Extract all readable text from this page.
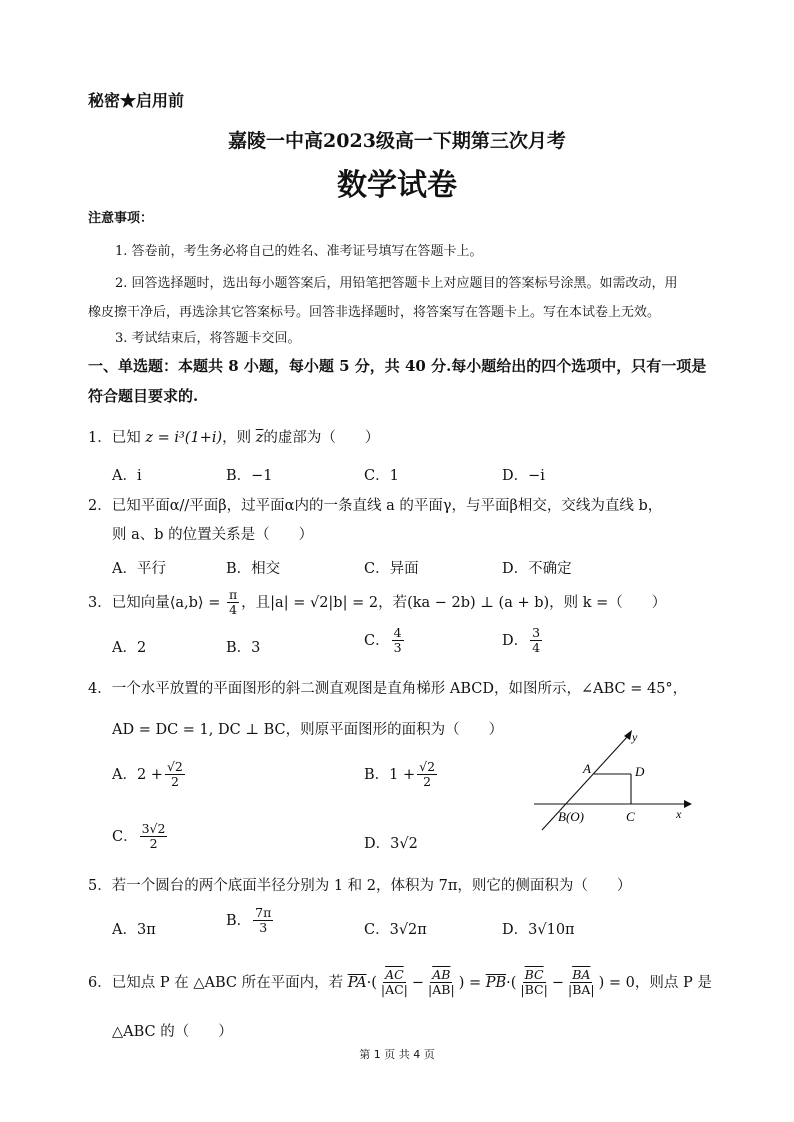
秘密★启用前
嘉陵一中高2023级高一下期第三次月考
数学试卷
注意事项：
1. 答卷前，考生务必将自己的姓名、准考证号填写在答题卡上。
2. 回答选择题时，选出每小题答案后，用铅笔把答题卡上对应题目的答案标号涂黑。如需改动，用
橡皮擦干净后，再选涂其它答案标号。回答非选择题时，将答案写在答题卡上。写在本试卷上无效。
3. 考试结束后，将答题卡交回。
一、单选题：本题共 8 小题，每小题 5 分，共 40 分.每小题给出的四个选项中，只有一项是
符合题目要求的.
1．已知 z = i³(1+i)，则 $\overline{z}$的虚部为（　　）
A．i	B．−1	C．1	D．−i
2．已知平面α//平面β，过平面α内的一条直线 a 的平面γ，与平面β相交，交线为直线 b，
则 a、b 的位置关系是（　　）
A．平行	B．相交	C．异面	D．不确定
3．已知向量⟨a,b⟩ = $\frac{\pi}{4}$ ，且|a| = √2|b| = 2，若(ka − 2b) ⊥ (a + b)，则 k =（　　）
A．2	B．3	C． $\frac{4}{3}$	D． $\frac{3}{4}$
4．一个水平放置的平面图形的斜二测直观图是直角梯形 ABCD，如图所示，∠ABC = 45°，
AD = DC = 1, DC ⊥ BC，则原平面图形的面积为（　　）
A．$2 + \frac{√2}{2}$	B．$1 + \frac{√2}{2}$
C． $\frac{3√2}{2}$	D．3√2
y
x
A	D
B(O)	C
5．若一个圆台的两个底面半径分别为 1 和 2，体积为 7π，则它的侧面积为（　　）
A．3π
B． $\frac{7\pi}{3}$	C．3√2π	D．3√10π
6．已知点 P 在 △ABC 所在平面内，若 $\overline{PA}\cdot( \frac{\overline{AC}}{|AC|} - \frac{\overline{AB}}{|AB|}$ ) = $\overline{PB}\cdot( \frac{\overline{BC}}{|BC|} - \frac{\overline{BA}}{|BA|}$ ) = 0，则点 P 是
△ABC 的（　　）
第 1 页 共 4 页
